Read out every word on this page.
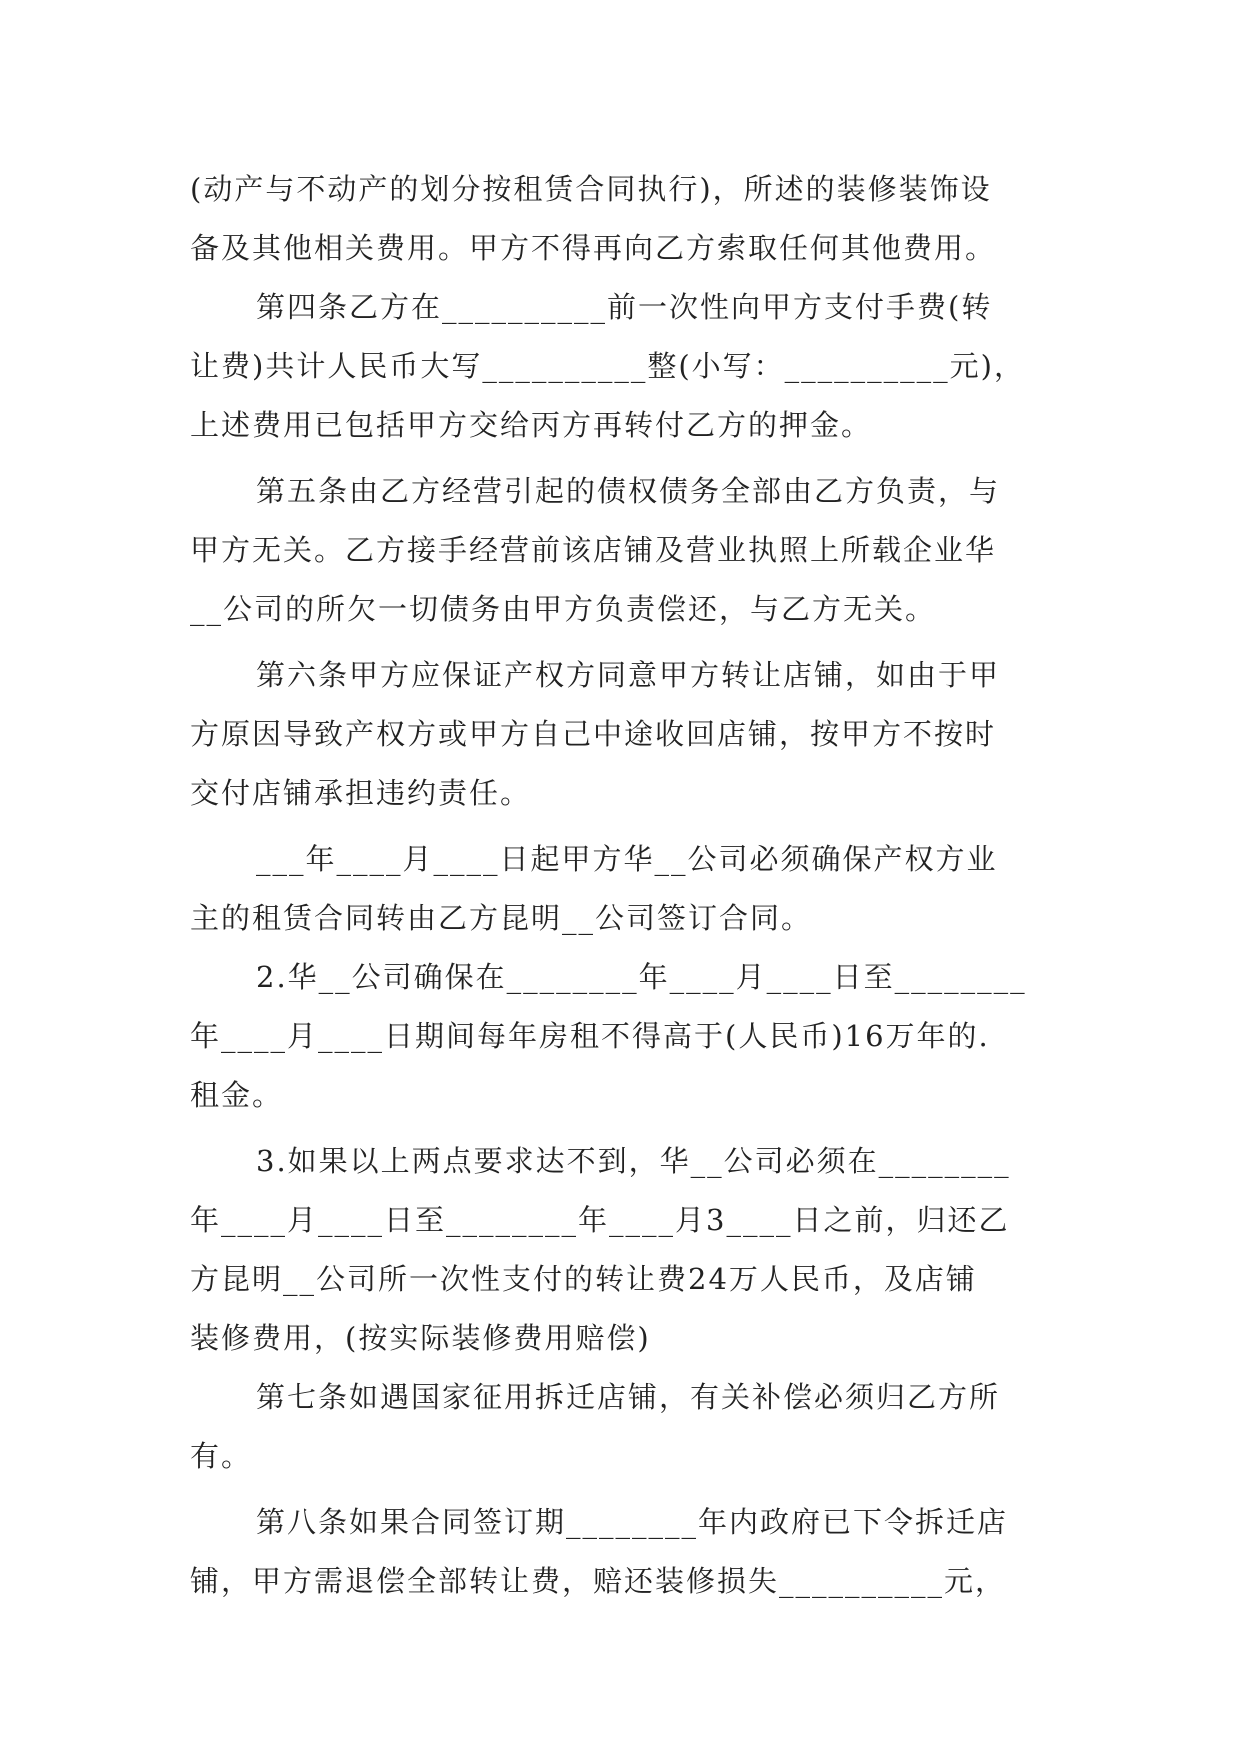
(动产与不动产的划分按租赁合同执行)，所述的装修装饰设
备及其他相关费用。甲方不得再向乙方索取任何其他费用。
第四条乙方在__________前一次性向甲方支付手费(转
让费)共计人民币大写__________整(小写：__________元)，
上述费用已包括甲方交给丙方再转付乙方的押金。
第五条由乙方经营引起的债权债务全部由乙方负责，与
甲方无关。乙方接手经营前该店铺及营业执照上所载企业华
__公司的所欠一切债务由甲方负责偿还，与乙方无关。
第六条甲方应保证产权方同意甲方转让店铺，如由于甲
方原因导致产权方或甲方自己中途收回店铺，按甲方不按时
交付店铺承担违约责任。
___年____月____日起甲方华__公司必须确保产权方业
主的租赁合同转由乙方昆明__公司签订合同。
2.华__公司确保在________年____月____日至________
年____月____日期间每年房租不得高于(人民币)16万年的.
租金。
3.如果以上两点要求达不到，华__公司必须在________
年____月____日至________年____月3____日之前，归还乙
方昆明__公司所一次性支付的转让费24万人民币，及店铺
装修费用，(按实际装修费用赔偿)
第七条如遇国家征用拆迁店铺，有关补偿必须归乙方所
有。
第八条如果合同签订期________年内政府已下令拆迁店
铺，甲方需退偿全部转让费，赔还装修损失__________元，
